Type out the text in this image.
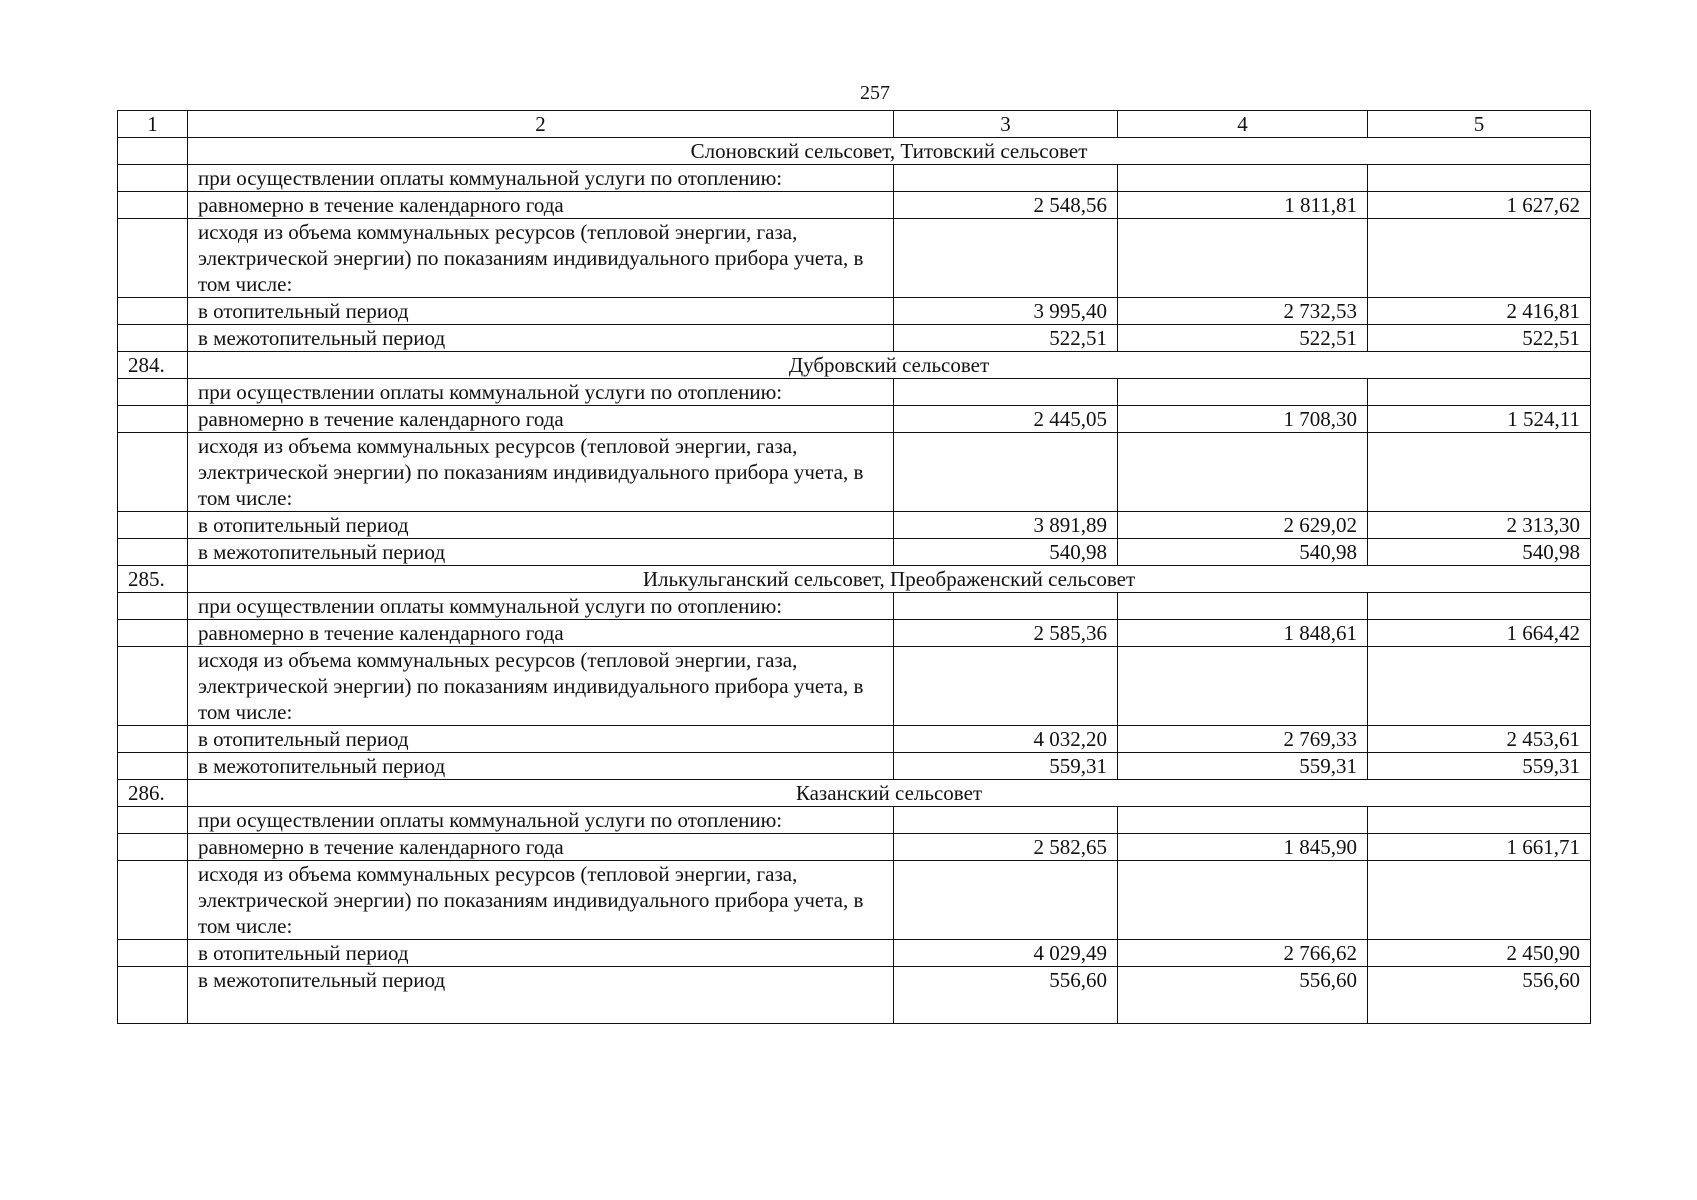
257
1	2	3	4	5
	Слоновский сельсовет, Титовский сельсовет			
	при осуществлении оплаты коммунальной услуги по отоплению:			
	равномерно в течение календарного года	2 548,56	1 811,81	1 627,62
	исходя из объема коммунальных ресурсов (тепловой энергии, газа, электрической энергии) по показаниям индивидуального прибора учета, в том числе:			
	в отопительный период	3 995,40	2 732,53	2 416,81
	в межотопительный период	522,51	522,51	522,51
284.	Дубровский сельсовет			
	при осуществлении оплаты коммунальной услуги по отоплению:			
	равномерно в течение календарного года	2 445,05	1 708,30	1 524,11
	исходя из объема коммунальных ресурсов (тепловой энергии, газа, электрической энергии) по показаниям индивидуального прибора учета, в том числе:			
	в отопительный период	3 891,89	2 629,02	2 313,30
	в межотопительный период	540,98	540,98	540,98
285.	Илькульганский сельсовет, Преображенский сельсовет			
	при осуществлении оплаты коммунальной услуги по отоплению:			
	равномерно в течение календарного года	2 585,36	1 848,61	1 664,42
	исходя из объема коммунальных ресурсов (тепловой энергии, газа, электрической энергии) по показаниям индивидуального прибора учета, в том числе:			
	в отопительный период	4 032,20	2 769,33	2 453,61
	в межотопительный период	559,31	559,31	559,31
286.	Казанский сельсовет			
	при осуществлении оплаты коммунальной услуги по отоплению:			
	равномерно в течение календарного года	2 582,65	1 845,90	1 661,71
	исходя из объема коммунальных ресурсов (тепловой энергии, газа, электрической энергии) по показаниям индивидуального прибора учета, в том числе:			
	в отопительный период	4 029,49	2 766,62	2 450,90
	в межотопительный период	556,60	556,60	556,60
